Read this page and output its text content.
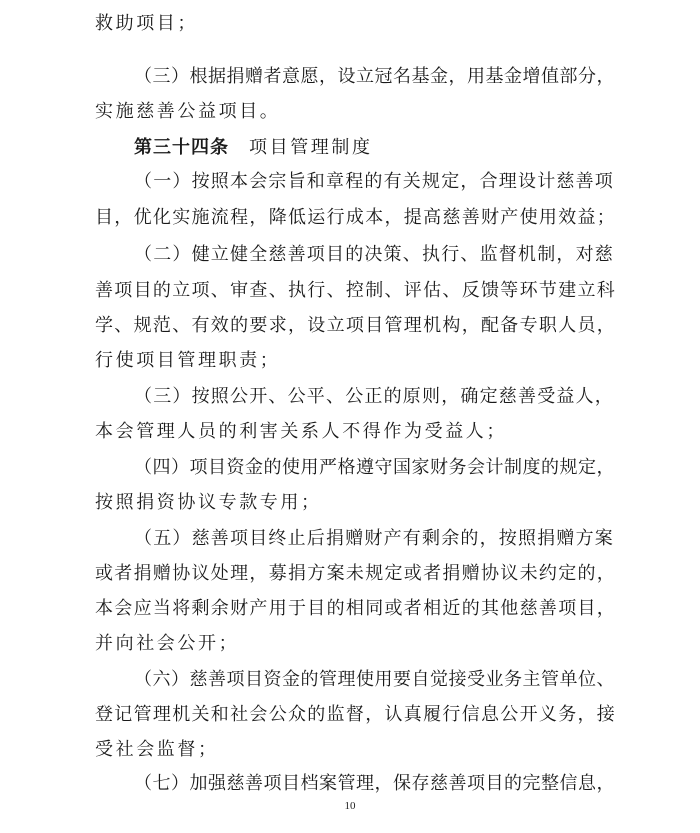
救助项目；
（三）根据捐赠者意愿，设立冠名基金，用基金增值部分，
实施慈善公益项目。
第三十四条 项目管理制度
（一）按照本会宗旨和章程的有关规定，合理设计慈善项
目，优化实施流程，降低运行成本，提高慈善财产使用效益；
（二）健立健全慈善项目的决策、执行、监督机制，对慈
善项目的立项、审查、执行、控制、评估、反馈等环节建立科
学、规范、有效的要求，设立项目管理机构，配备专职人员，
行使项目管理职责；
（三）按照公开、公平、公正的原则，确定慈善受益人，
本会管理人员的利害关系人不得作为受益人；
（四）项目资金的使用严格遵守国家财务会计制度的规定，
按照捐资协议专款专用；
（五）慈善项目终止后捐赠财产有剩余的，按照捐赠方案
或者捐赠协议处理，募捐方案未规定或者捐赠协议未约定的，
本会应当将剩余财产用于目的相同或者相近的其他慈善项目，
并向社会公开；
（六）慈善项目资金的管理使用要自觉接受业务主管单位、
登记管理机关和社会公众的监督，认真履行信息公开义务，接
受社会监督；
（七）加强慈善项目档案管理，保存慈善项目的完整信息，
10
